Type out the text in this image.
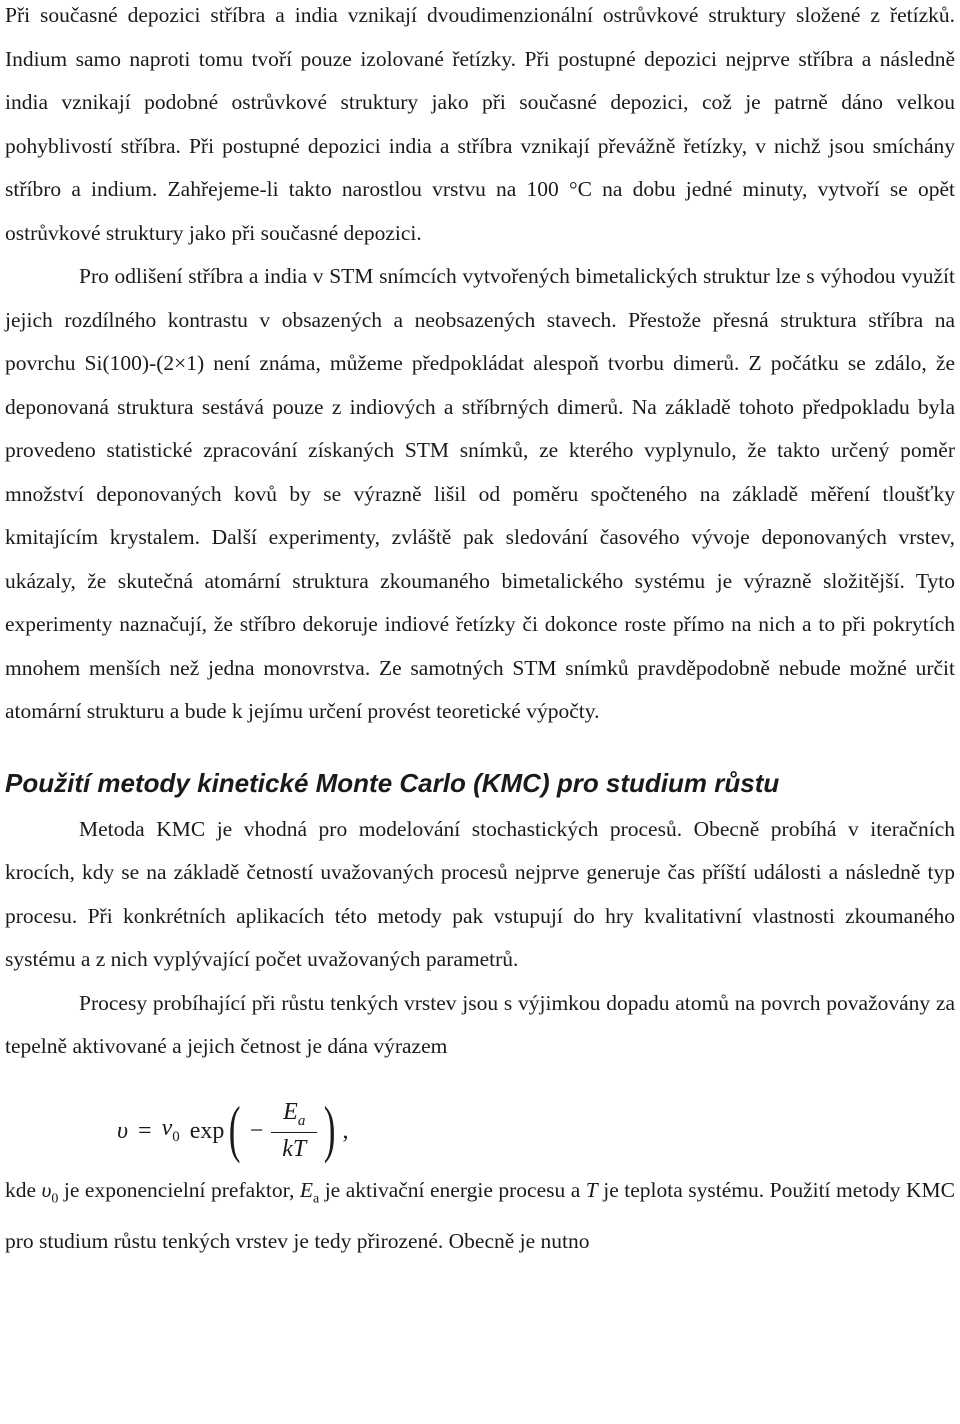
Při současné depozici stříbra a india vznikají dvoudimenzionální ostrůvkové struktury složené z řetízků. Indium samo naproti tomu tvoří pouze izolované řetízky. Při postupné depozici nejprve stříbra a následně india vznikají podobné ostrůvkové struktury jako při současné depozici, což je patrně dáno velkou pohyblivostí stříbra. Při postupné depozici india a stříbra vznikají převážně řetízky, v nichž jsou smíchány stříbro a indium. Zahřejeme-li takto narostlou vrstvu na 100 °C na dobu jedné minuty, vytvoří se opět ostrůvkové struktury jako při současné depozici.

Pro odlišení stříbra a india v STM snímcích vytvořených bimetalických struktur lze s výhodou využít jejich rozdílného kontrastu v obsazených a neobsazených stavech. Přestože přesná struktura stříbra na povrchu Si(100)-(2×1) není známa, můžeme předpokládat alespoň tvorbu dimerů. Z počátku se zdálo, že deponovaná struktura sestává pouze z indiových a stříbrných dimerů. Na základě tohoto předpokladu byla provedeno statistické zpracování získaných STM snímků, ze kterého vyplynulo, že takto určený poměr množství deponovaných kovů by se výrazně lišil od poměru spočteného na základě měření tloušťky kmitajícím krystalem. Další experimenty, zvláště pak sledování časového vývoje deponovaných vrstev, ukázaly, že skutečná atomární struktura zkoumaného bimetalického systému je výrazně složitější. Tyto experimenty naznačují, že stříbro dekoruje indiové řetízky či dokonce roste přímo na nich a to při pokrytích mnohem menších než jedna monovrstva. Ze samotných STM snímků pravděpodobně nebude možné určit atomární strukturu a bude k jejímu určení provést teoretické výpočty.

Použití metody kinetické Monte Carlo (KMC) pro studium růstu

Metoda KMC je vhodná pro modelování stochastických procesů. Obecně probíhá v iteračních krocích, kdy se na základě četností uvažovaných procesů nejprve generuje čas příští události a následně typ procesu. Při konkrétních aplikacích této metody pak vstupují do hry kvalitativní vlastnosti zkoumaného systému a z nich vyplývající počet uvažovaných parametrů.

Procesy probíhající při růstu tenkých vrstev jsou s výjimkou dopadu atomů na povrch považovány za tepelně aktivované a jejich četnost je dána výrazem

$\upsilon = \nu_0$ exp ( − $\frac{E_a}{kT}$ ) ,

kde $\upsilon_0$ je exponencielní prefaktor, $E_a$ je aktivační energie procesu a T je teplota systému. Použití metody KMC pro studium růstu tenkých vrstev je tedy přirozené. Obecně je nutno
